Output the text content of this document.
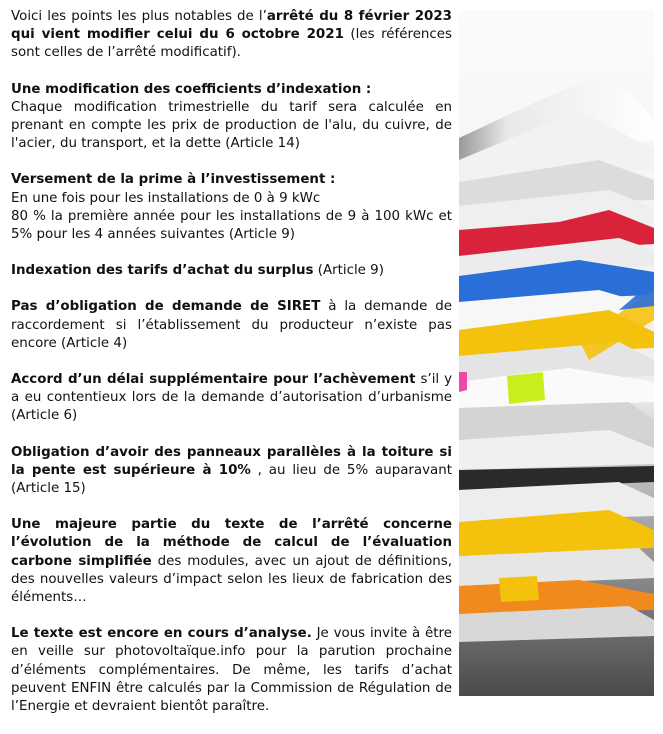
Voici les points les plus notables de l’arrêté du 8 février 2023 qui vient modifier celui du 6 octobre 2021 (les références sont celles de l’arrêté modificatif).

Une modification des coefficients d’indexation :
Chaque modification trimestrielle du tarif sera calculée en prenant en compte les prix de production de l'alu, du cuivre, de l'acier, du transport, et la dette (Article 14)

Versement de la prime à l’investissement :
En une fois pour les installations de 0 à 9 kWc
80 % la première année pour les installations de 9 à 100 kWc et 5% pour les 4 années suivantes (Article 9)

Indexation des tarifs d’achat du surplus (Article 9)

Pas d’obligation de demande de SIRET à la demande de raccordement si l’établissement du producteur n’existe pas encore (Article 4)

Accord d’un délai supplémentaire pour l’achèvement s’il y a eu contentieux lors de la demande d’autorisation d’urbanisme (Article 6)

Obligation d’avoir des panneaux parallèles à la toiture si la pente est supérieure à 10% , au lieu de 5% auparavant (Article 15)

Une majeure partie du texte de l’arrêté concerne l’évolution de la méthode de calcul de l’évaluation carbone simplifiée des modules, avec un ajout de définitions, des nouvelles valeurs d’impact selon les lieux de fabrication des éléments…

Le texte est encore en cours d’analyse. Je vous invite à être en veille sur photovoltaïque.info pour la parution prochaine d’éléments complémentaires. De même, les tarifs d’achat peuvent ENFIN être calculés par la Commission de Régulation de l’Energie et devraient bientôt paraître.
